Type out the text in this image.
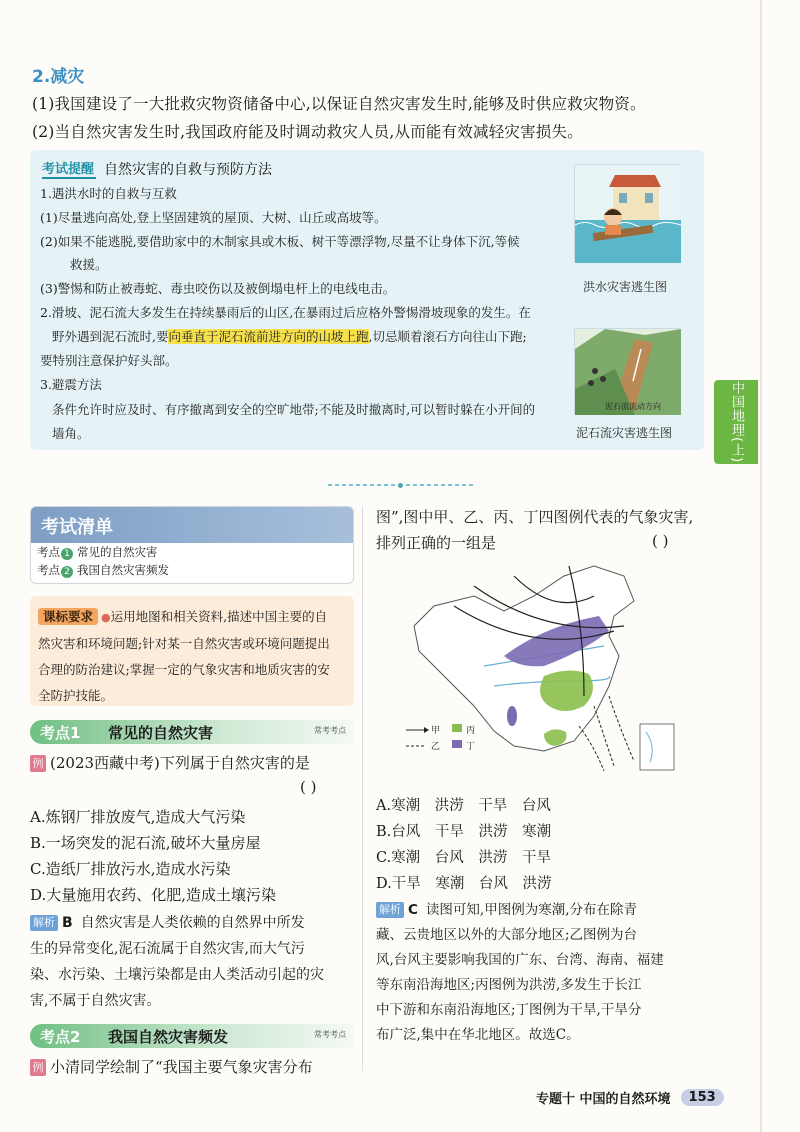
2.减灾
(1)我国建设了一大批救灾物资储备中心,以保证自然灾害发生时,能够及时供应救灾物资。
(2)当自然灾害发生时,我国政府能及时调动救灾人员,从而能有效减轻灾害损失。
考试提醒 自然灾害的自救与预防方法
1.遇洪水时的自救与互救
(1)尽量逃向高处,登上坚固建筑的屋顶、大树、山丘或高坡等。
(2)如果不能逃脱,要借助家中的木制家具或木板、树干等漂浮物,尽量不让身体下沉,等候
救援。
(3)警惕和防止被毒蛇、毒虫咬伤以及被倒塌电杆上的电线电击。
2.滑坡、泥石流大多发生在持续暴雨后的山区,在暴雨过后应格外警惕滑坡现象的发生。在
野外遇到泥石流时,要向垂直于泥石流前进方向的山坡上跑,切忌顺着滚石方向往山下跑;
要特别注意保护好头部。
3.避震方法
条件允许时应及时、有序撤离到安全的空旷地带;不能及时撤离时,可以暂时躲在小开间的
墙角。
洪水灾害逃生图
泥石流流动方向
泥石流灾害逃生图	中国地理(上)
考试清单
考点 1 常见的自然灾害
考点 2 我国自然灾害频发
课标要求 ●运用地图和相关资料,描述中国主要的自
然灾害和环境问题;针对某一自然灾害或环境问题提出
合理的防治建议;掌握一定的气象灾害和地质灾害的安
全防护技能。
考点1	常见的自然灾害	常考考点
例 (2023西藏中考)下列属于自然灾害的是
( )
A.炼钢厂排放废气,造成大气污染
B.一场突发的泥石流,破坏大量房屋
C.造纸厂排放污水,造成水污染
D.大量施用农药、化肥,造成土壤污染
解析 B 自然灾害是人类依赖的自然界中所发
生的异常变化,泥石流属于自然灾害,而大气污
染、水污染、土壤污染都是由人类活动引起的灾
害,不属于自然灾害。
考点2	我国自然灾害频发	常考考点
例 小清同学绘制了“我国主要气象灾害分布
图”,图中甲、乙、丙、丁四图例代表的气象灾害,
排列正确的一组是	( )
甲
乙
丙
丁
A.寒潮 洪涝 干旱 台风
B.台风 干旱 洪涝 寒潮
C.寒潮 台风 洪涝 干旱
D.干旱 寒潮 台风 洪涝
解析 C 读图可知,甲图例为寒潮,分布在除青
藏、云贵地区以外的大部分地区;乙图例为台
风,台风主要影响我国的广东、台湾、海南、福建
等东南沿海地区;丙图例为洪涝,多发生于长江
中下游和东南沿海地区;丁图例为干旱,干旱分
布广泛,集中在华北地区。故选C。
专题十 中国的自然环境	153
